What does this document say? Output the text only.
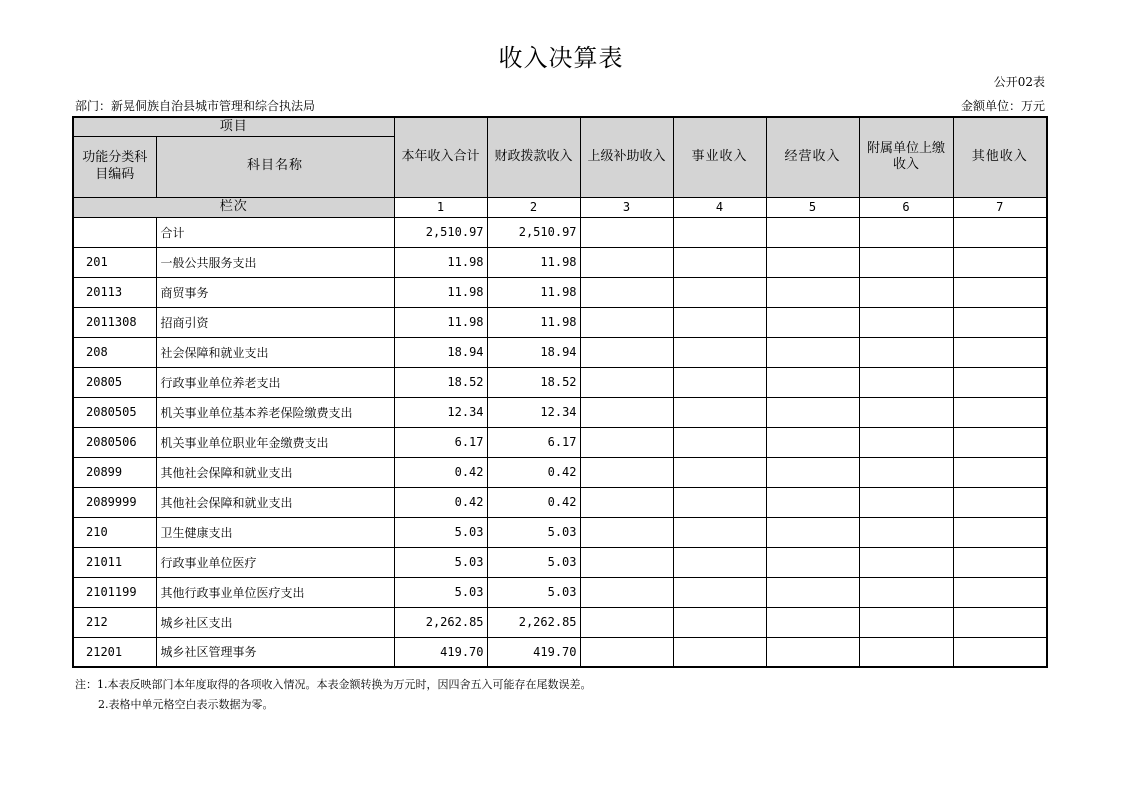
收入决算表
公开02表
部门：新晃侗族自治县城市管理和综合执法局	金额单位：万元
项目		本年收入合计	财政拨款收入	上级补助收入	事业收入	经营收入	附属单位上缴收入	其他收入
功能分类科目编码	科目名称							
栏次		1	2	3	4	5	6	7
	合计	2,510.97	2,510.97					
201	一般公共服务支出	11.98	11.98					
20113	商贸事务	11.98	11.98					
2011308	招商引资	11.98	11.98					
208	社会保障和就业支出	18.94	18.94					
20805	行政事业单位养老支出	18.52	18.52					
2080505	机关事业单位基本养老保险缴费支出	12.34	12.34					
2080506	机关事业单位职业年金缴费支出	6.17	6.17					
20899	其他社会保障和就业支出	0.42	0.42					
2089999	其他社会保障和就业支出	0.42	0.42					
210	卫生健康支出	5.03	5.03					
21011	行政事业单位医疗	5.03	5.03					
2101199	其他行政事业单位医疗支出	5.03	5.03					
212	城乡社区支出	2,262.85	2,262.85					
21201	城乡社区管理事务	419.70	419.70					
注：1.本表反映部门本年度取得的各项收入情况。本表金额转换为万元时，因四舍五入可能存在尾数误差。
2.表格中单元格空白表示数据为零。
